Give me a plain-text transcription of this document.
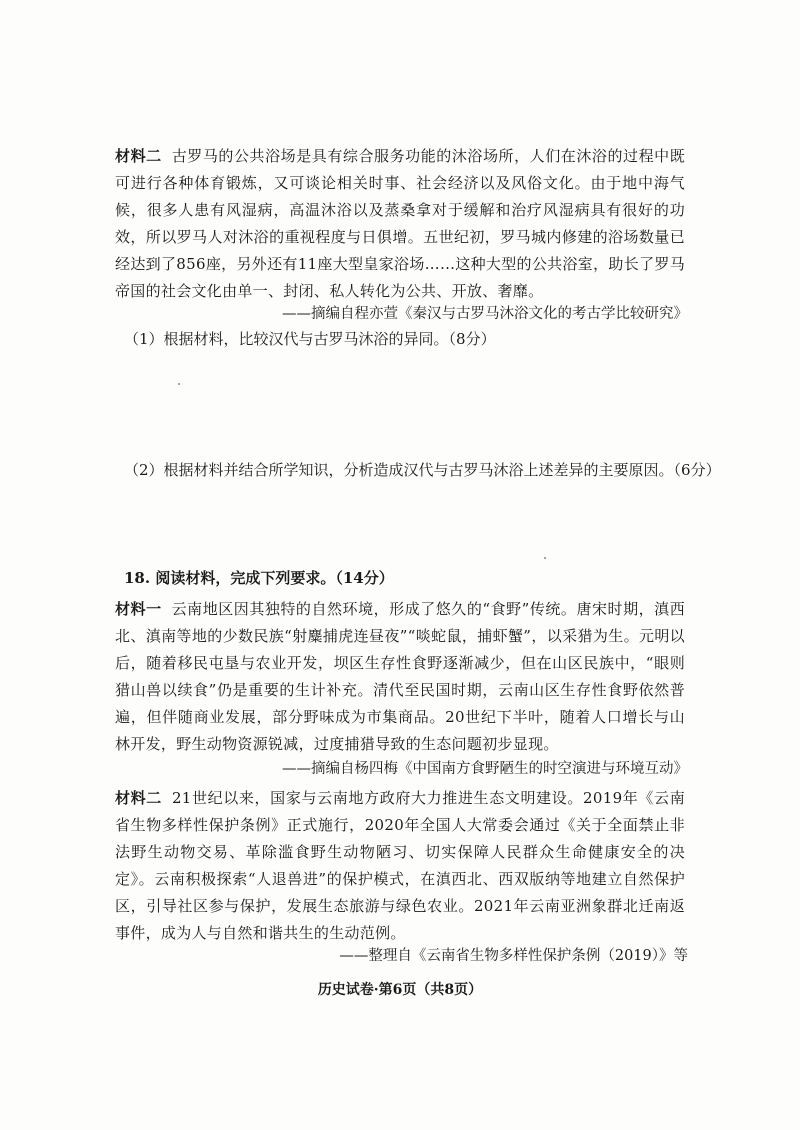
材料二 古罗马的公共浴场是具有综合服务功能的沐浴场所，人们在沐浴的过程中既可进行各种体育锻炼，又可谈论相关时事、社会经济以及风俗文化。由于地中海气候，很多人患有风湿病，高温沐浴以及蒸桑拿对于缓解和治疗风湿病具有很好的功效，所以罗马人对沐浴的重视程度与日俱增。五世纪初，罗马城内修建的浴场数量已经达到了856座，另外还有11座大型皇家浴场……这种大型的公共浴室，助长了罗马帝国的社会文化由单一、封闭、私人转化为公共、开放、奢靡。

——摘编自程亦萱《秦汉与古罗马沐浴文化的考古学比较研究》

（1）根据材料，比较汉代与古罗马沐浴的异同。（8分）

（2）根据材料并结合所学知识，分析造成汉代与古罗马沐浴上述差异的主要原因。（6分）

18. 阅读材料，完成下列要求。（14分）

材料一 云南地区因其独特的自然环境，形成了悠久的“食野”传统。唐宋时期，滇西北、滇南等地的少数民族“射麋捕虎连昼夜”“啖蛇鼠，捕虾蟹”，以采猎为生。元明以后，随着移民屯垦与农业开发，坝区生存性食野逐渐减少，但在山区民族中，“眼则猎山兽以续食”仍是重要的生计补充。清代至民国时期，云南山区生存性食野依然普遍，但伴随商业发展，部分野味成为市集商品。20世纪下半叶，随着人口增长与山林开发，野生动物资源锐减，过度捕猎导致的生态问题初步显现。

——摘编自杨四梅《中国南方食野陋生的时空演进与环境互动》

材料二 21世纪以来，国家与云南地方政府大力推进生态文明建设。2019年《云南省生物多样性保护条例》正式施行，2020年全国人大常委会通过《关于全面禁止非法野生动物交易、革除滥食野生动物陋习、切实保障人民群众生命健康安全的决定》。云南积极探索“人退兽进”的保护模式，在滇西北、西双版纳等地建立自然保护区，引导社区参与保护，发展生态旅游与绿色农业。2021年云南亚洲象群北迁南返事件，成为人与自然和谐共生的生动范例。

——整理自《云南省生物多样性保护条例（2019）》等

历史试卷·第6页（共8页）
